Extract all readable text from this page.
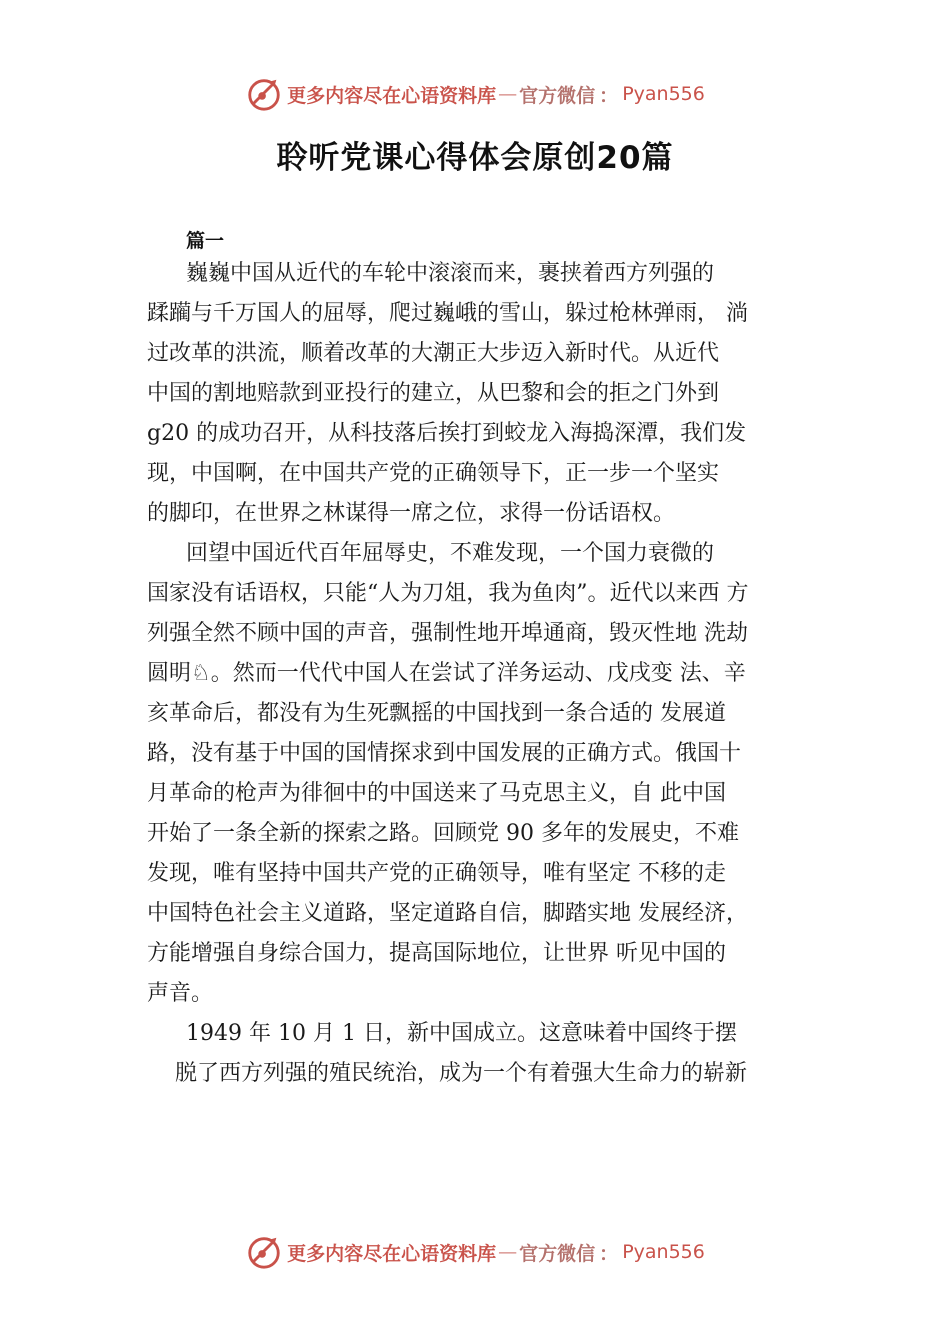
更多内容尽在心语资料库 — 官方微信 ： Pyan556
聆听党课心得体会原创20篇
篇一
巍巍中国从近代的车轮中滚滚而来，裹挟着西方列强的
蹂躏与千万国人的屈辱，爬过巍峨的雪山，躲过枪林弹雨， 淌
过改革的洪流，顺着改革的大潮正大步迈入新时代。从近代
中国的割地赔款到亚投行的建立，从巴黎和会的拒之门外到
g20 的成功召开，从科技落后挨打到蛟龙入海捣深潭，我们发
现，中国啊，在中国共产党的正确领导下，正一步一个坚实
的脚印，在世界之林谋得一席之位，求得一份话语权。
回望中国近代百年屈辱史，不难发现，一个国力衰微的
国家没有话语权，只能“人为刀俎，我为鱼肉”。近代以来西 方
列强全然不顾中国的声音，强制性地开埠通商，毁灭性地 洗劫
圆明♘。然而一代代中国人在尝试了洋务运动、戊戌变 法、辛
亥革命后，都没有为生死飘摇的中国找到一条合适的 发展道
路，没有基于中国的国情探求到中国发展的正确方式。俄国十
月革命的枪声为徘徊中的中国送来了马克思主义，自 此中国
开始了一条全新的探索之路。回顾党 90 多年的发展史，不难
发现，唯有坚持中国共产党的正确领导，唯有坚定 不移的走
中国特色社会主义道路，坚定道路自信，脚踏实地 发展经济，
方能增强自身综合国力，提高国际地位，让世界 听见中国的
声音。
1949 年 10 月 1 日，新中国成立。这意味着中国终于摆
脱了西方列强的殖民统治，成为一个有着强大生命力的崭新
更多内容尽在心语资料库 — 官方微信 ： Pyan556
